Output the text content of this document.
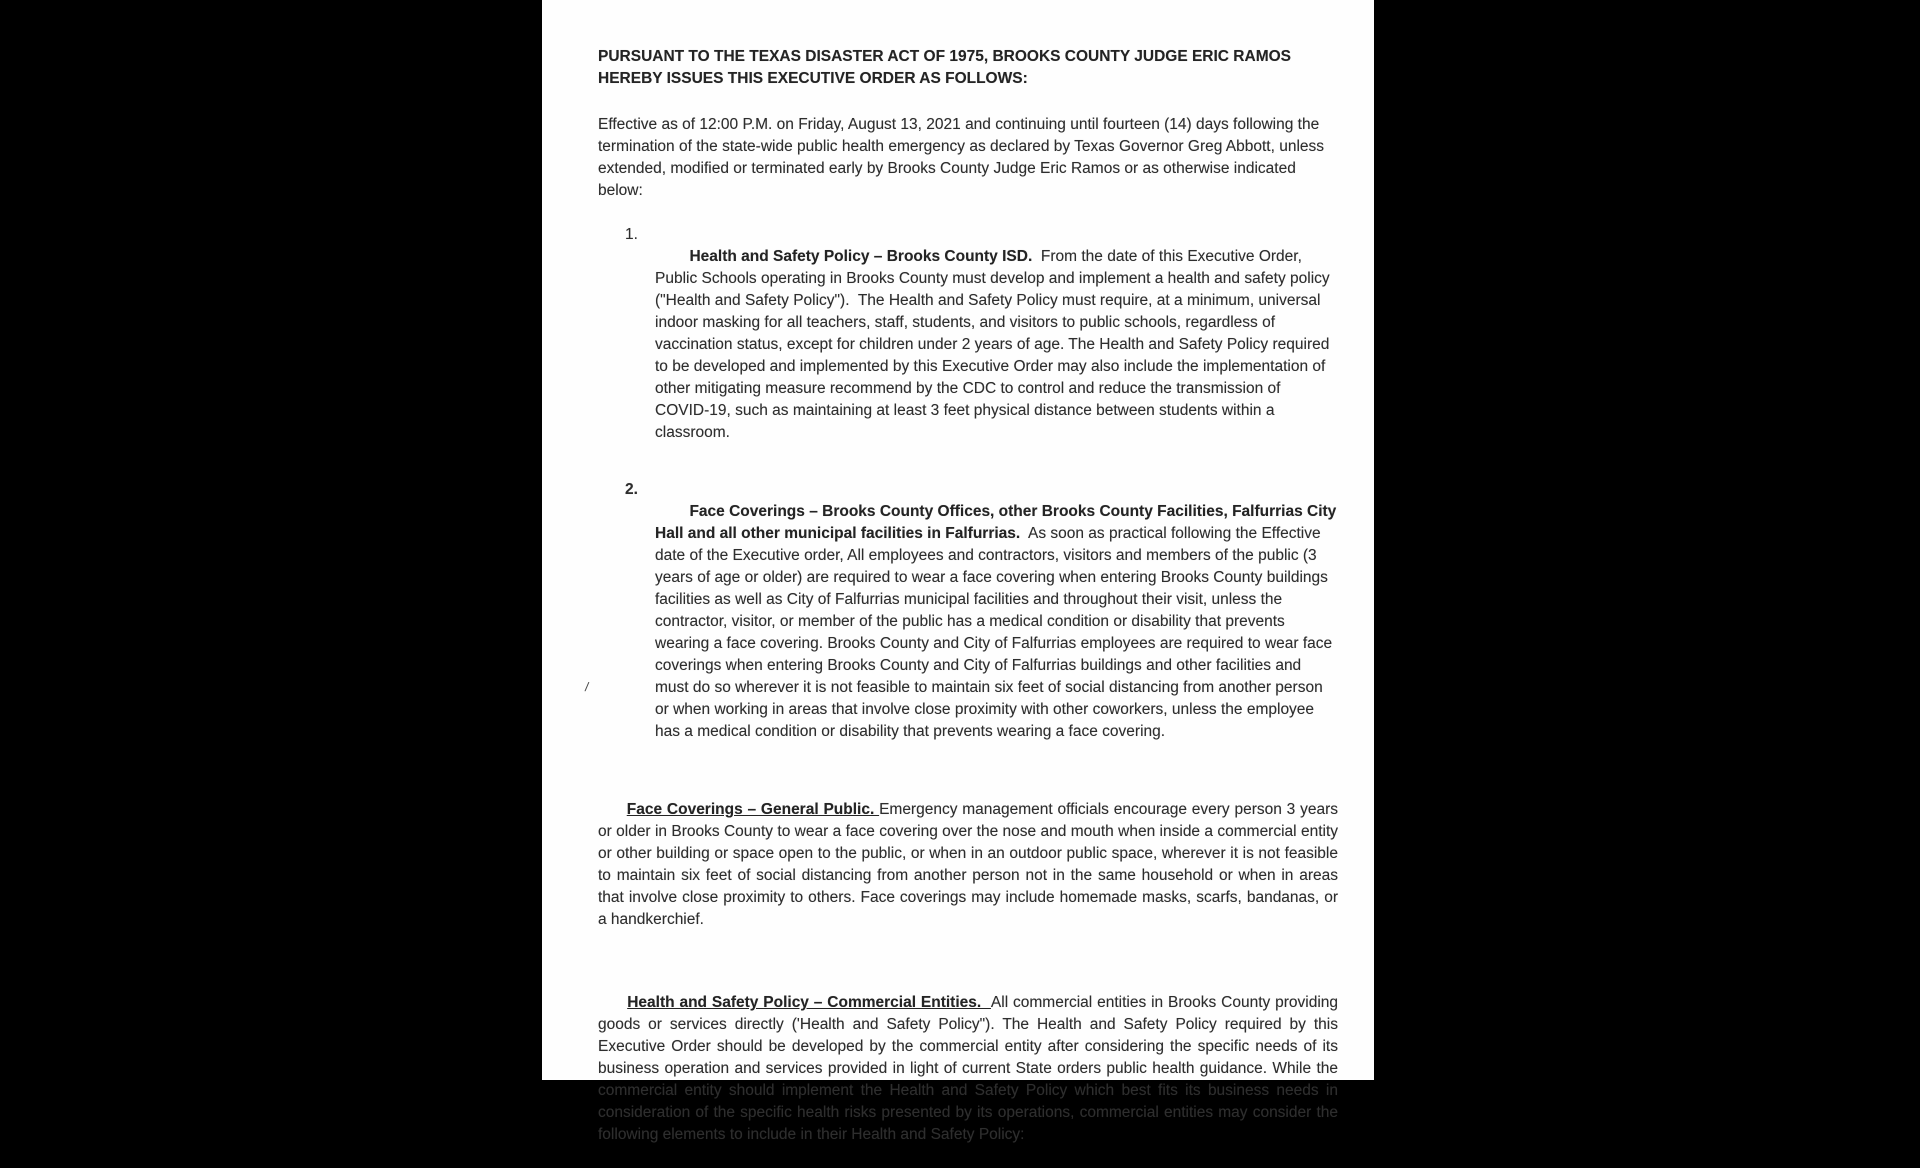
/
PURSUANT TO THE TEXAS DISASTER ACT OF 1975, BROOKS COUNTY JUDGE ERIC RAMOS HEREBY ISSUES THIS EXECUTIVE ORDER AS FOLLOWS:

Effective as of 12:00 P.M. on Friday, August 13, 2021 and continuing until fourteen (14) days following the termination of the state-wide public health emergency as declared by Texas Governor Greg Abbott, unless extended, modified or terminated early by Brooks County Judge Eric Ramos or as otherwise indicated below:

1.
Health and Safety Policy – Brooks County ISD.  From the date of this Executive Order, Public Schools operating in Brooks County must develop and implement a health and safety policy ("Health and Safety Policy").  The Health and Safety Policy must require, at a minimum, universal indoor masking for all teachers, staff, students, and visitors to public schools, regardless of vaccination status, except for children under 2 years of age. The Health and Safety Policy required to be developed and implemented by this Executive Order may also include the implementation of other mitigating measure recommend by the CDC to control and reduce the transmission of COVID-19, such as maintaining at least 3 feet physical distance between students within a classroom.

2.
Face Coverings – Brooks County Offices, other Brooks County Facilities, Falfurrias City Hall and all other municipal facilities in Falfurrias.  As soon as practical following the Effective date of the Executive order, All employees and contractors, visitors and members of the public (3 years of age or older) are required to wear a face covering when entering Brooks County buildings facilities as well as City of Falfurrias municipal facilities and throughout their visit, unless the contractor, visitor, or member of the public has a medical condition or disability that prevents wearing a face covering. Brooks County and City of Falfurrias employees are required to wear face coverings when entering Brooks County and City of Falfurrias buildings and other facilities and must do so wherever it is not feasible to maintain six feet of social distancing from another person or when working in areas that involve close proximity with other coworkers, unless the employee has a medical condition or disability that prevents wearing a face covering.

Face Coverings – General Public. Emergency management officials encourage every person 3 years or older in Brooks County to wear a face covering over the nose and mouth when inside a commercial entity or other building or space open to the public, or when in an outdoor public space, wherever it is not feasible to maintain six feet of social distancing from another person not in the same household or when in areas that involve close proximity to others. Face coverings may include homemade masks, scarfs, bandanas, or a handkerchief.

Health and Safety Policy – Commercial Entities.  All commercial entities in Brooks County providing goods or services directly ('Health and Safety Policy"). The Health and Safety Policy required by this Executive Order should be developed by the commercial entity after considering the specific needs of its business operation and services provided in light of current State orders public health guidance. While the commercial entity should implement the Health and Safety Policy which best fits its business needs in consideration of the specific health risks presented by its operations, commercial entities may consider the following elements to include in their Health and Safety Policy:
